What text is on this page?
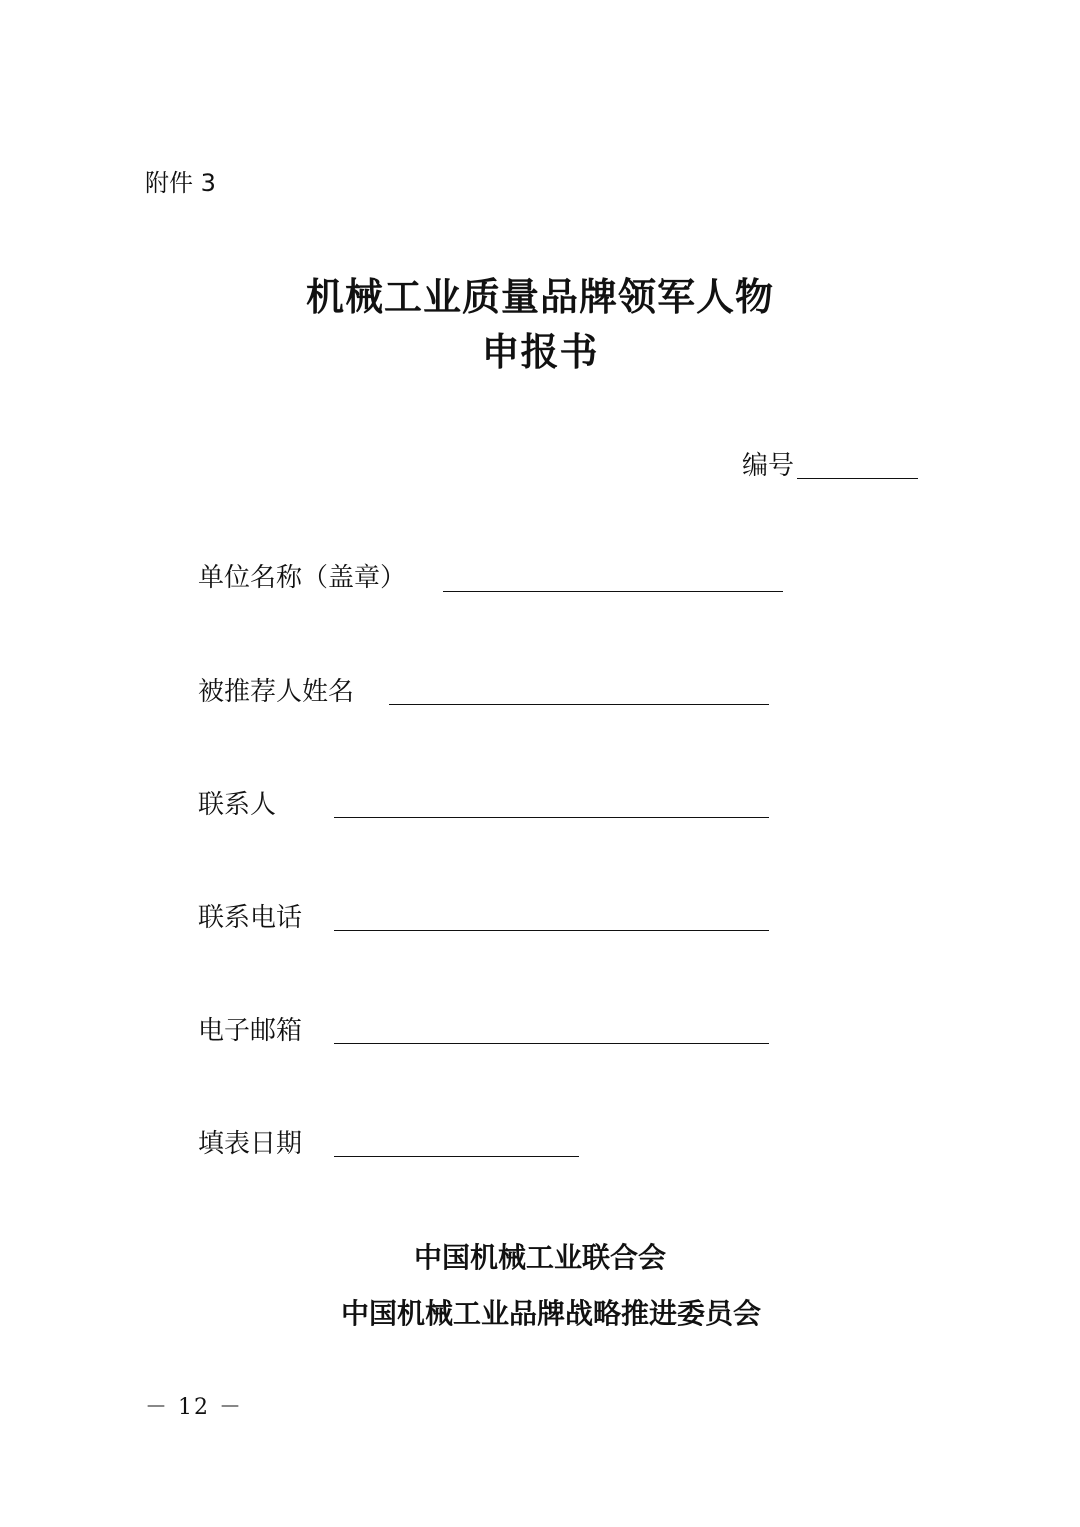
附件 3
机械工业质量品牌领军人物
申报书
编号
单位名称（盖章）
被推荐人姓名
联系人
联系电话
电子邮箱
填表日期
中国机械工业联合会
中国机械工业品牌战略推进委员会
－ 12 －
